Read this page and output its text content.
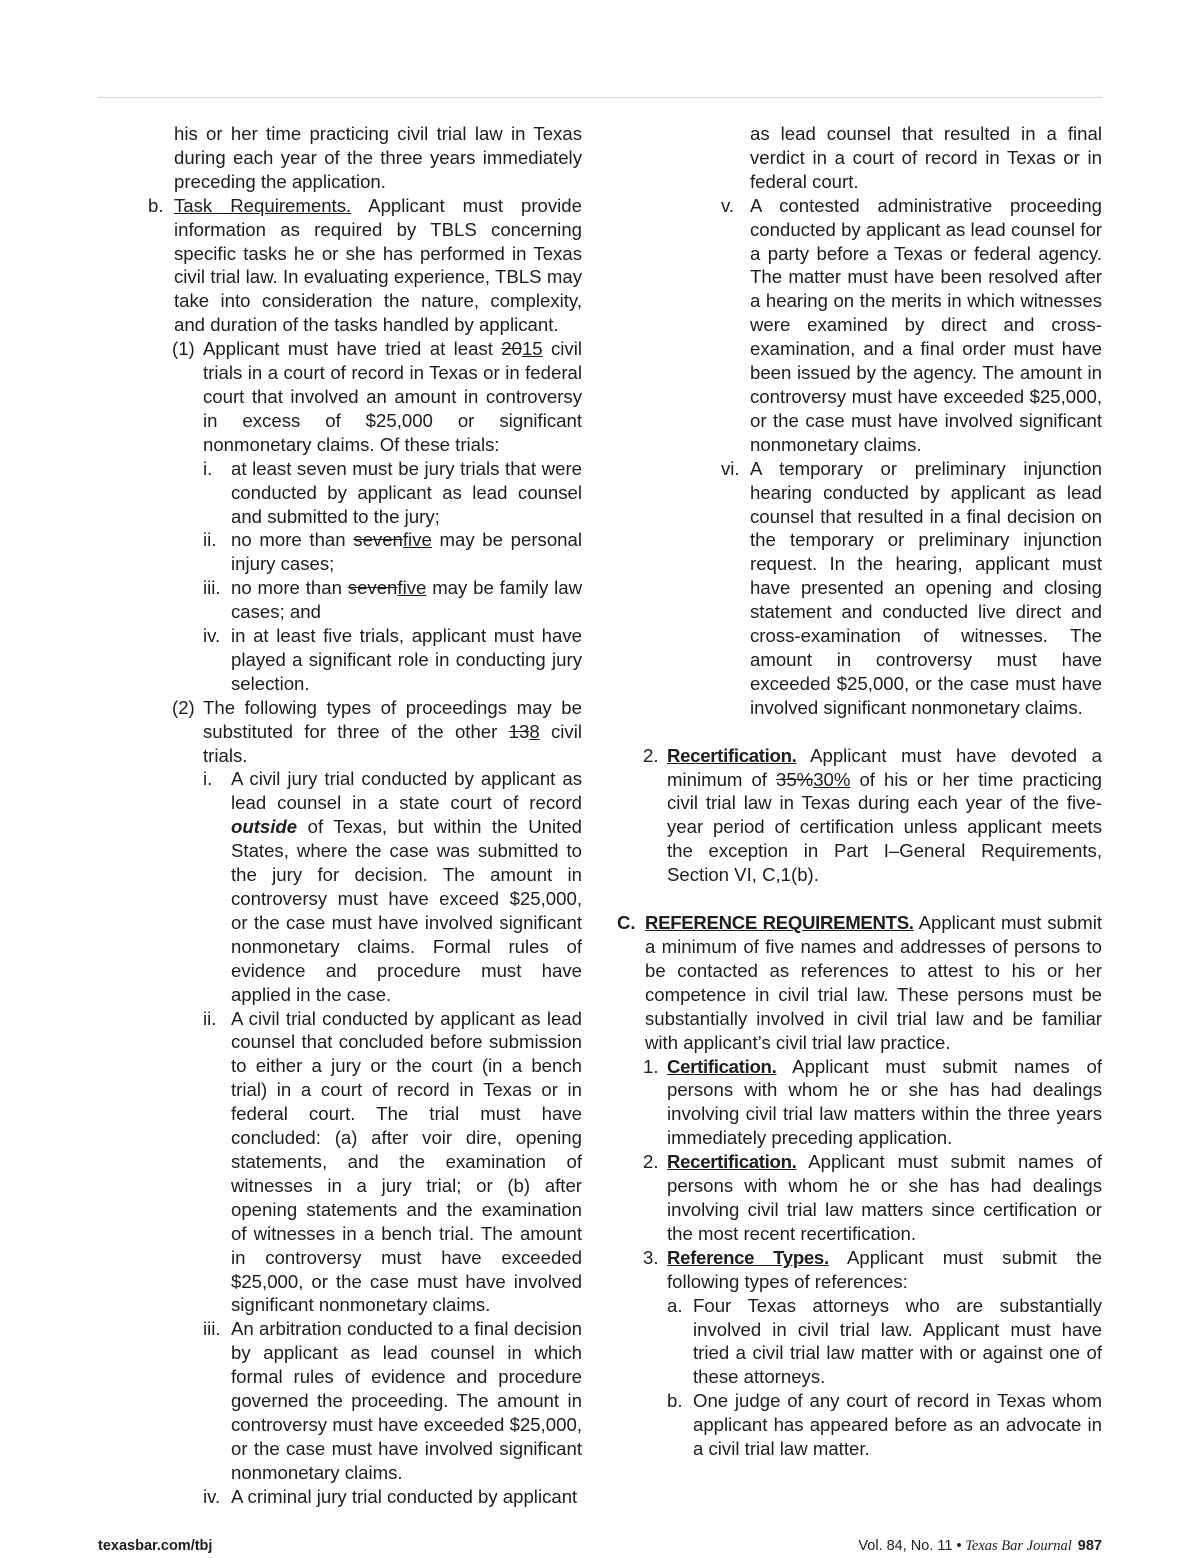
his or her time practicing civil trial law in Texas during each year of the three years immediately preceding the application.
b. Task Requirements. Applicant must provide information as required by TBLS concerning specific tasks he or she has performed in Texas civil trial law. In evaluating experience, TBLS may take into consideration the nature, complexity, and duration of the tasks handled by applicant.
(1) Applicant must have tried at least 2015 civil trials in a court of record in Texas or in federal court that involved an amount in controversy in excess of $25,000 or significant nonmonetary claims. Of these trials:
i. at least seven must be jury trials that were conducted by applicant as lead counsel and submitted to the jury;
ii. no more than sevenfive may be personal injury cases;
iii. no more than sevenfive may be family law cases; and
iv. in at least five trials, applicant must have played a significant role in conducting jury selection.
(2) The following types of proceedings may be substituted for three of the other 138 civil trials.
i. A civil jury trial conducted by applicant as lead counsel in a state court of record outside of Texas, but within the United States, where the case was submitted to the jury for decision. The amount in controversy must have exceed $25,000, or the case must have involved significant nonmonetary claims. Formal rules of evidence and procedure must have applied in the case.
ii. A civil trial conducted by applicant as lead counsel that concluded before submission to either a jury or the court (in a bench trial) in a court of record in Texas or in federal court. The trial must have concluded: (a) after voir dire, opening statements, and the examination of witnesses in a jury trial; or (b) after opening statements and the examination of witnesses in a bench trial. The amount in controversy must have exceeded $25,000, or the case must have involved significant nonmonetary claims.
iii. An arbitration conducted to a final decision by applicant as lead counsel in which formal rules of evidence and procedure governed the proceeding. The amount in controversy must have exceeded $25,000, or the case must have involved significant nonmonetary claims.
iv. A criminal jury trial conducted by applicant
as lead counsel that resulted in a final verdict in a court of record in Texas or in federal court.
v. A contested administrative proceeding conducted by applicant as lead counsel for a party before a Texas or federal agency. The matter must have been resolved after a hearing on the merits in which witnesses were examined by direct and cross-examination, and a final order must have been issued by the agency. The amount in controversy must have exceeded $25,000, or the case must have involved significant nonmonetary claims.
vi. A temporary or preliminary injunction hearing conducted by applicant as lead counsel that resulted in a final decision on the temporary or preliminary injunction request. In the hearing, applicant must have presented an opening and closing statement and conducted live direct and cross-examination of witnesses. The amount in controversy must have exceeded $25,000, or the case must have involved significant nonmonetary claims.
2. Recertification. Applicant must have devoted a minimum of 35%30% of his or her time practicing civil trial law in Texas during each year of the five-year period of certification unless applicant meets the exception in Part I–General Requirements, Section VI, C,1(b).
C. REFERENCE REQUIREMENTS. Applicant must submit a minimum of five names and addresses of persons to be contacted as references to attest to his or her competence in civil trial law. These persons must be substantially involved in civil trial law and be familiar with applicant’s civil trial law practice.
1. Certification. Applicant must submit names of persons with whom he or she has had dealings involving civil trial law matters within the three years immediately preceding application.
2. Recertification. Applicant must submit names of persons with whom he or she has had dealings involving civil trial law matters since certification or the most recent recertification.
3. Reference Types. Applicant must submit the following types of references:
a. Four Texas attorneys who are substantially involved in civil trial law. Applicant must have tried a civil trial law matter with or against one of these attorneys.
b. One judge of any court of record in Texas whom applicant has appeared before as an advocate in a civil trial law matter.
texasbar.com/tbj	Vol. 84, No. 11 • Texas Bar Journal 987
